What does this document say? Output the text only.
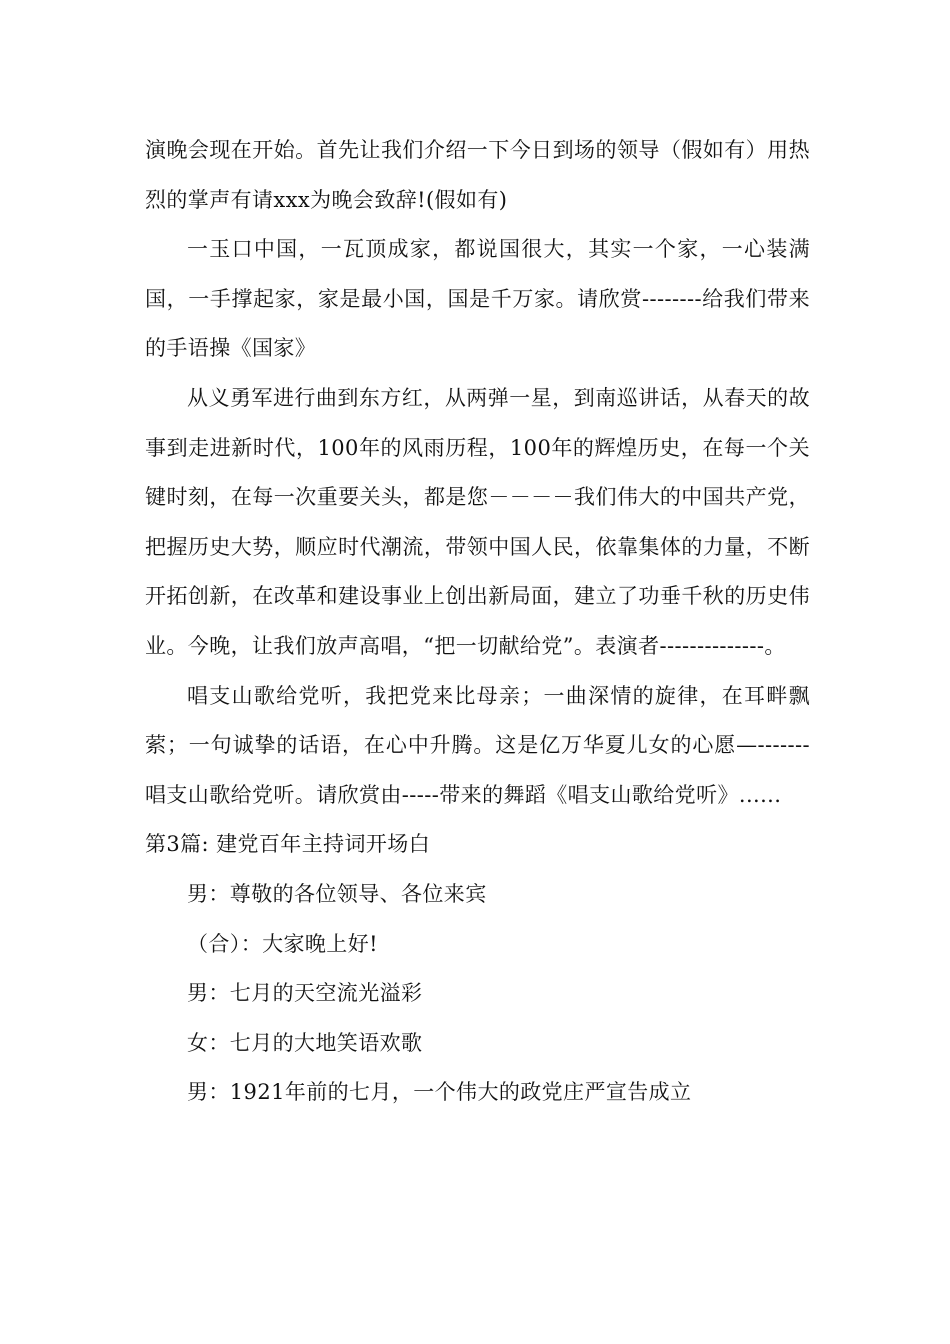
演晚会现在开始。首先让我们介绍一下今日到场的领导（假如有）用热烈的掌声有请xxx为晚会致辞!(假如有)

一玉口中国，一瓦顶成家，都说国很大，其实一个家，一心装满国，一手撑起家，家是最小国，国是千万家。请欣赏--------给我们带来的手语操《国家》

从义勇军进行曲到东方红，从两弹一星，到南巡讲话，从春天的故事到走进新时代，100年的风雨历程，100年的辉煌历史，在每一个关键时刻，在每一次重要关头，都是您－－－－我们伟大的中国共产党，把握历史大势，顺应时代潮流，带领中国人民，依靠集体的力量，不断开拓创新，在改革和建设事业上创出新局面，建立了功垂千秋的历史伟业。今晚，让我们放声高唱，“把一切献给党”。表演者--------------。

唱支山歌给党听，我把党来比母亲；一曲深情的旋律，在耳畔飘萦；一句诚挚的话语，在心中升腾。这是亿万华夏儿女的心愿—-------唱支山歌给党听。请欣赏由-----带来的舞蹈《唱支山歌给党听》......

第3篇: 建党百年主持词开场白

男：尊敬的各位领导、各位来宾

（合）：大家晚上好!

男：七月的天空流光溢彩

女：七月的大地笑语欢歌

男：1921年前的七月，一个伟大的政党庄严宣告成立
